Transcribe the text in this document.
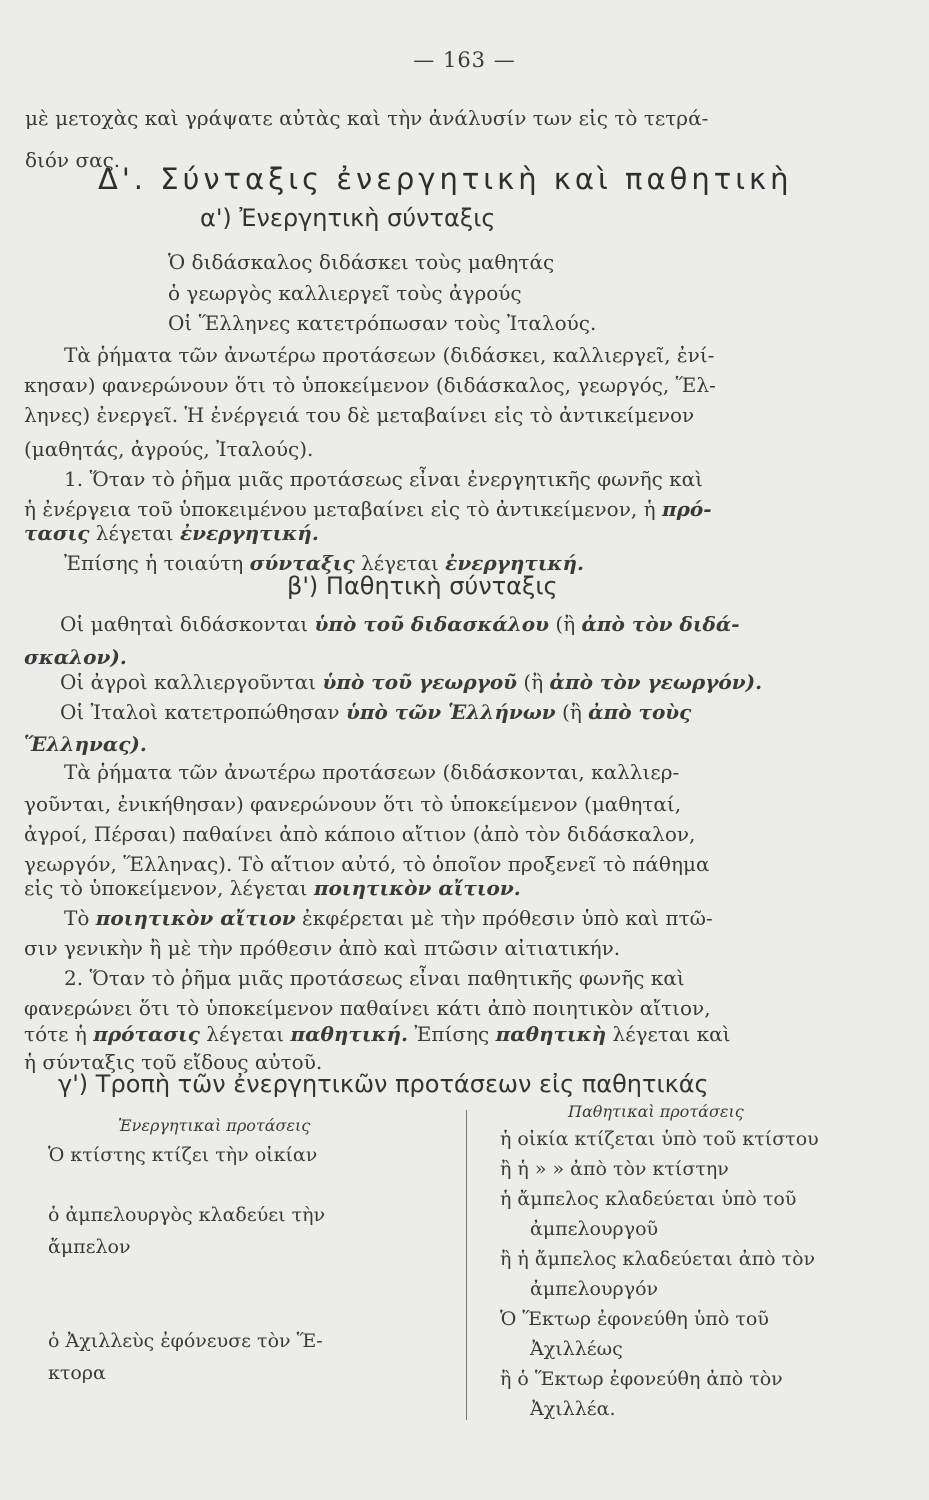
— 163 —
μὲ μετοχὰς καὶ γράψατε αὐτὰς καὶ τὴν ἀνάλυσίν των εἰς τὸ τετρά-
διόν σας.
Δ'. Σύνταξις ἐνεργητικὴ καὶ παθητικὴ
α') Ἐνεργητικὴ σύνταξις
Ὁ διδάσκαλος διδάσκει τοὺς μαθητάς
ὁ γεωργὸς καλλιεργεῖ τοὺς ἀγρούς
Οἱ Ἕλληνες κατετρόπωσαν τοὺς Ἰταλούς.
Τὰ ῥήματα τῶν ἀνωτέρω προτάσεων (διδάσκει, καλλιεργεῖ, ἐνί-
κησαν) φανερώνουν ὅτι τὸ ὑποκείμενον (διδάσκαλος, γεωργός, Ἕλ-
ληνες) ἐνεργεῖ. Ἡ ἐνέργειά του δὲ μεταβαίνει εἰς τὸ ἀντικείμενον
(μαθητάς, ἀγρούς, Ἰταλούς).
1. Ὅταν τὸ ῥῆμα μιᾶς προτάσεως εἶναι ἐνεργητικῆς φωνῆς καὶ
ἡ ἐνέργεια τοῦ ὑποκειμένου μεταβαίνει εἰς τὸ ἀντικείμενον, ἡ πρό-
τασις λέγεται ἐνεργητική.
Ἐπίσης ἡ τοιαύτη σύνταξις λέγεται ἐνεργητική.
β') Παθητικὴ σύνταξις
Οἱ μαθηταὶ διδάσκονται ὑπὸ τοῦ διδασκάλου (ἢ ἀπὸ τὸν διδά-
σκαλον).
Οἱ ἀγροὶ καλλιεργοῦνται ὑπὸ τοῦ γεωργοῦ (ἢ ἀπὸ τὸν γεωργόν).
Οἱ Ἰταλοὶ κατετροπώθησαν ὑπὸ τῶν Ἑλλήνων (ἢ ἀπὸ τοὺς
Ἕλληνας).
Τὰ ῥήματα τῶν ἀνωτέρω προτάσεων (διδάσκονται, καλλιερ-
γοῦνται, ἐνικήθησαν) φανερώνουν ὅτι τὸ ὑποκείμενον (μαθηταί,
ἀγροί, Πέρσαι) παθαίνει ἀπὸ κάποιο αἴτιον (ἀπὸ τὸν διδάσκαλον,
γεωργόν, Ἕλληνας). Τὸ αἴτιον αὐτό, τὸ ὁποῖον προξενεῖ τὸ πάθημα
εἰς τὸ ὑποκείμενον, λέγεται ποιητικὸν αἴτιον.
Τὸ ποιητικὸν αἴτιον ἐκφέρεται μὲ τὴν πρόθεσιν ὑπὸ καὶ πτῶ-
σιν γενικὴν ἢ μὲ τὴν πρόθεσιν ἀπὸ καὶ πτῶσιν αἰτιατικήν.
2. Ὅταν τὸ ῥῆμα μιᾶς προτάσεως εἶναι παθητικῆς φωνῆς καὶ
φανερώνει ὅτι τὸ ὑποκείμενον παθαίνει κάτι ἀπὸ ποιητικὸν αἴτιον,
τότε ἡ πρότασις λέγεται παθητική. Ἐπίσης παθητικὴ λέγεται καὶ
ἡ σύνταξις τοῦ εἴδους αὐτοῦ.
γ') Τροπὴ τῶν ἐνεργητικῶν προτάσεων εἰς παθητικάς
Ἐνεργητικαὶ προτάσεις
Παθητικαὶ προτάσεις
Ὁ κτίστης κτίζει τὴν οἰκίαν
ὁ ἀμπελουργὸς κλαδεύει τὴν
ἄμπελον
ὁ Ἀχιλλεὺς ἐφόνευσε τὸν Ἕ-
κτορα
ἡ οἰκία κτίζεται ὑπὸ τοῦ κτίστου
ἢ ἡ » » ἀπὸ τὸν κτίστην
ἡ ἄμπελος κλαδεύεται ὑπὸ τοῦ
ἀμπελουργοῦ
ἢ ἡ ἄμπελος κλαδεύεται ἀπὸ τὸν
ἀμπελουργόν
Ὁ Ἕκτωρ ἐφονεύθη ὑπὸ τοῦ
Ἀχιλλέως
ἢ ὁ Ἕκτωρ ἐφονεύθη ἀπὸ τὸν
Ἀχιλλέα.
